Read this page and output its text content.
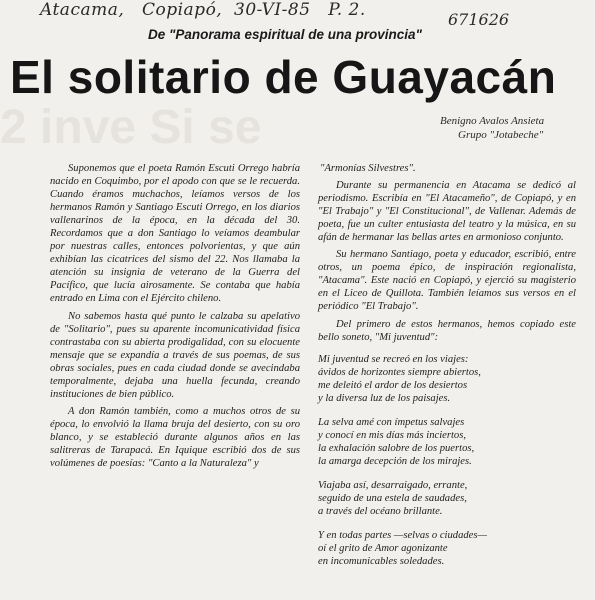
Atacama, Copiapó, 30-VI-85 P. 2.	671626
De "Panorama espiritual de una provincia"
2 inve Si se
El solitario de Guayacán
Benigno Avalos Ansieta
Grupo "Jotabeche"

Suponemos que el poeta Ramón Escuti Orrego habría nacido en Coquimbo, por el apodo con que se le recuerda. Cuando éramos muchachos, leíamos versos de los hermanos Ramón y Santiago Escuti Orrego, en los diarios vallenarinos de la época, en la década del 30. Recordamos que a don Santiago lo veíamos deambular por nuestras calles, entonces polvorientas, y que aún exhibían las cicatrices del sismo del 22. Nos llamaba la atención su insignia de veterano de la Guerra del Pacífico, que lucía airosamente. Se contaba que había entrado en Lima con el Ejército chileno.

No sabemos hasta qué punto le calzaba su apelativo de "Solitario", pues su aparente incomunicatividad física contrastaba con su abierta prodigalidad, con su elocuente mensaje que se expandía a través de sus poemas, de sus obras sociales, pues en cada ciudad donde se avecindaba temporalmente, dejaba una huella fecunda, creando instituciones de bien público.

A don Ramón también, como a muchos otros de su época, lo envolvió la llama bruja del desierto, con su oro blanco, y se estableció durante algunos años en las salitreras de Tarapacá. En Iquique escribió dos de sus volúmenes de poesías: "Canto a la Naturaleza" y

"Armonías Silvestres".

Durante su permanencia en Atacama se dedicó al periodismo. Escribía en "El Atacameño", de Copiapó, y en "El Trabajo" y "El Constitucional", de Vallenar. Además de poeta, fue un culter entusiasta del teatro y la música, en su afán de hermanar las bellas artes en armonioso conjunto.

Su hermano Santiago, poeta y educador, escribió, entre otros, un poema épico, de inspiración regionalista, "Atacama". Este nació en Copiapó, y ejerció su magisterio en el Liceo de Quillota. También leíamos sus versos en el periódico "El Trabajo".

Del primero de estos hermanos, hemos copiado este bello soneto, "Mi juventud":

Mi juventud se recreó en los viajes:
ávidos de horizontes siempre abiertos,
me deleitó el ardor de los desiertos
y la diversa luz de los paisajes.
La selva amé con ímpetus salvajes
y conocí en mis días más inciertos,
la exhalación salobre de los puertos,
la amarga decepción de los mirajes.
Viajaba así, desarraigado, errante,
seguido de una estela de saudades,
a través del océano brillante.
Y en todas partes —selvas o ciudades—
oí el grito de Amor agonizante
en incomunicables soledades.
